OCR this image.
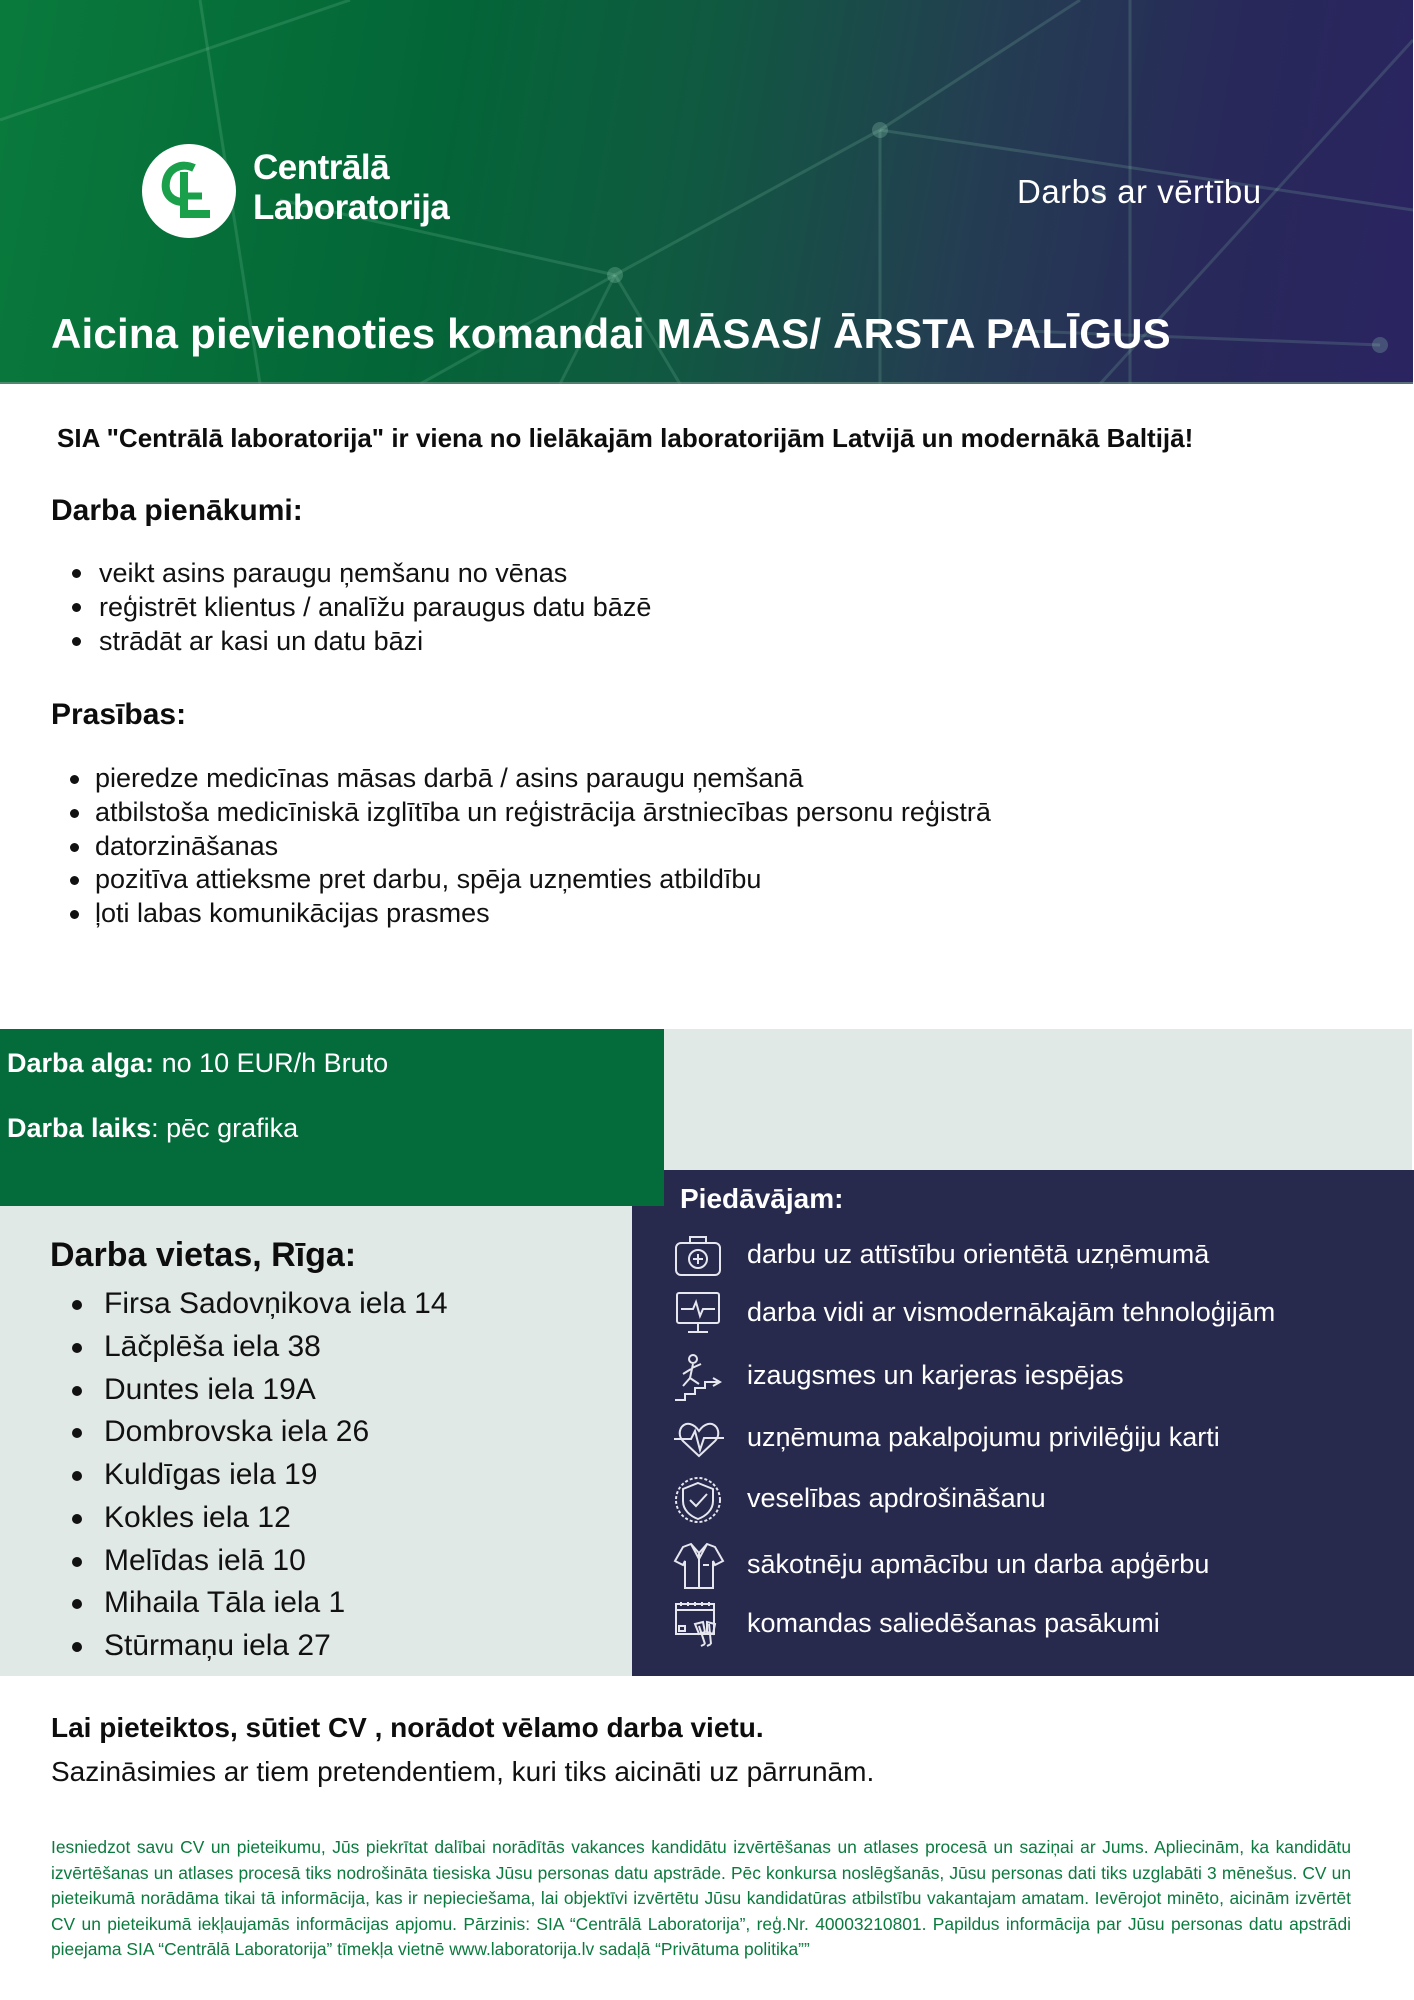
Centrālā
Laboratorija	Darbs ar vērtību
Aicina pievienoties komandai MĀSAS/ ĀRSTA PALĪGUS
SIA "Centrālā laboratorija" ir viena no lielākajām laboratorijām Latvijā un modernākā Baltijā!
Darba pienākumi:
veikt asins paraugu ņemšanu no vēnas
reģistrēt klientus / analīžu paraugus datu bāzē
strādāt ar kasi un datu bāzi
Prasības:
pieredze medicīnas māsas darbā / asins paraugu ņemšanā
atbilstoša medicīniskā izglītība un reģistrācija ārstniecības personu reģistrā
datorzināšanas
pozitīva attieksme pret darbu, spēja uzņemties atbildību
ļoti labas komunikācijas prasmes
Darba alga: no 10 EUR/h Bruto
Darba laiks: pēc grafika
Piedāvājam:
darbu uz attīstību orientētā uzņēmumā
darba vidi ar vismodernākajām tehnoloģijām
izaugsmes un karjeras iespējas
uzņēmuma pakalpojumu privilēģiju karti
veselības apdrošināšanu
sākotnēju apmācību un darba apģērbu
komandas saliedēšanas pasākumi
Darba vietas, Rīga:
Firsa Sadovņikova iela 14
Lāčplēša iela 38
Duntes iela 19A
Dombrovska iela 26
Kuldīgas iela 19
Kokles iela 12
Melīdas ielā 10
Mihaila Tāla iela 1
Stūrmaņu iela 27
Lai pieteiktos, sūtiet CV , norādot vēlamo darba vietu.
Sazināsimies ar tiem pretendentiem, kuri tiks aicināti uz pārrunām.
Iesniedzot savu CV un pieteikumu, Jūs piekrītat dalībai norādītās vakances kandidātu izvērtēšanas un atlases procesā un saziņai ar Jums. Apliecinām, ka kandidātu izvērtēšanas un atlases procesā tiks nodrošināta tiesiska Jūsu personas datu apstrāde. Pēc konkursa noslēgšanās, Jūsu personas dati tiks uzglabāti 3 mēnešus. CV un pieteikumā norādāma tikai tā informācija, kas ir nepieciešama, lai objektīvi izvērtētu Jūsu kandidatūras atbilstību vakantajam amatam. Ievērojot minēto, aicinām izvērtēt CV un pieteikumā iekļaujamās informācijas apjomu. Pārzinis: SIA “Centrālā Laboratorija”, reģ.Nr. 40003210801. Papildus informācija par Jūsu personas datu apstrādi pieejama SIA “Centrālā Laboratorija” tīmekļa vietnē www.laboratorija.lv sadaļā “Privātuma politika””
